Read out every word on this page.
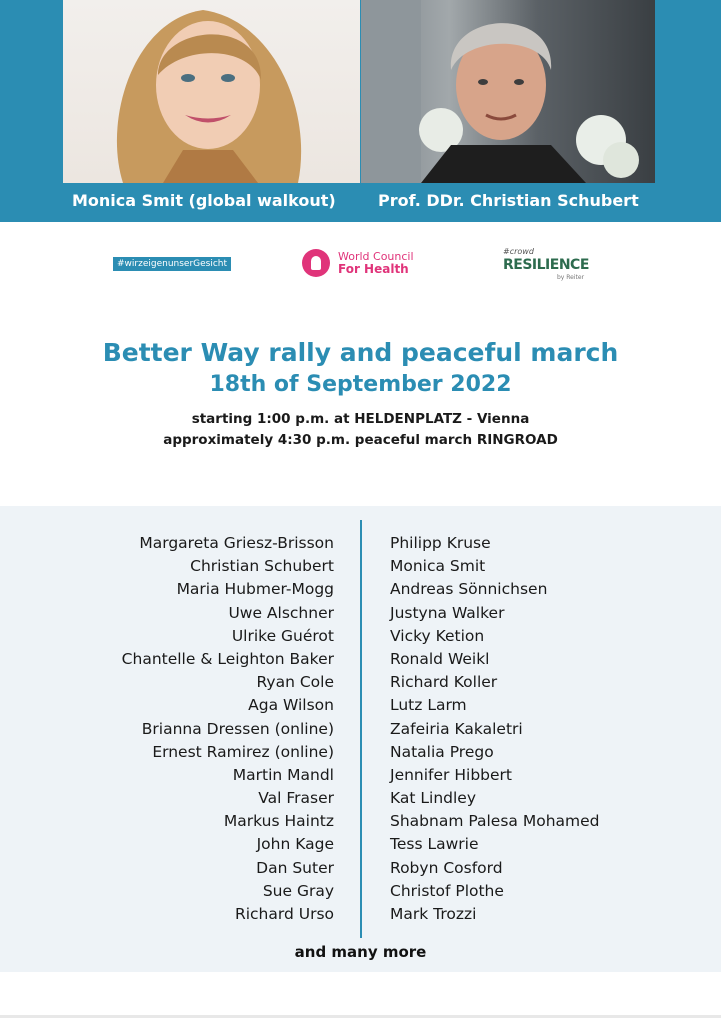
Monica Smit (global walkout)	Prof. DDr. Christian Schubert
#wirzeigenunserGesicht
World Council
For Health
#crowd
RESILIENCE
by Reiter
Better Way rally and peaceful march
18th of September 2022
starting 1:00 p.m. at HELDENPLATZ - Vienna
approximately 4:30 p.m. peaceful march RINGROAD
Margareta Griesz-Brisson
Christian Schubert
Maria Hubmer-Mogg
Uwe Alschner
Ulrike Guérot
Chantelle & Leighton Baker
Ryan Cole
Aga Wilson
Brianna Dressen (online)
Ernest Ramirez (online)
Martin Mandl
Val Fraser
Markus Haintz
John Kage
Dan Suter
Sue Gray
Richard Urso
Philipp Kruse
Monica Smit
Andreas Sönnichsen
Justyna Walker
Vicky Ketion
Ronald Weikl
Richard Koller
Lutz Larm
Zafeiria Kakaletri
Natalia Prego
Jennifer Hibbert
Kat Lindley
Shabnam Palesa Mohamed
Tess Lawrie
Robyn Cosford
Christof Plothe
Mark Trozzi
and many more
